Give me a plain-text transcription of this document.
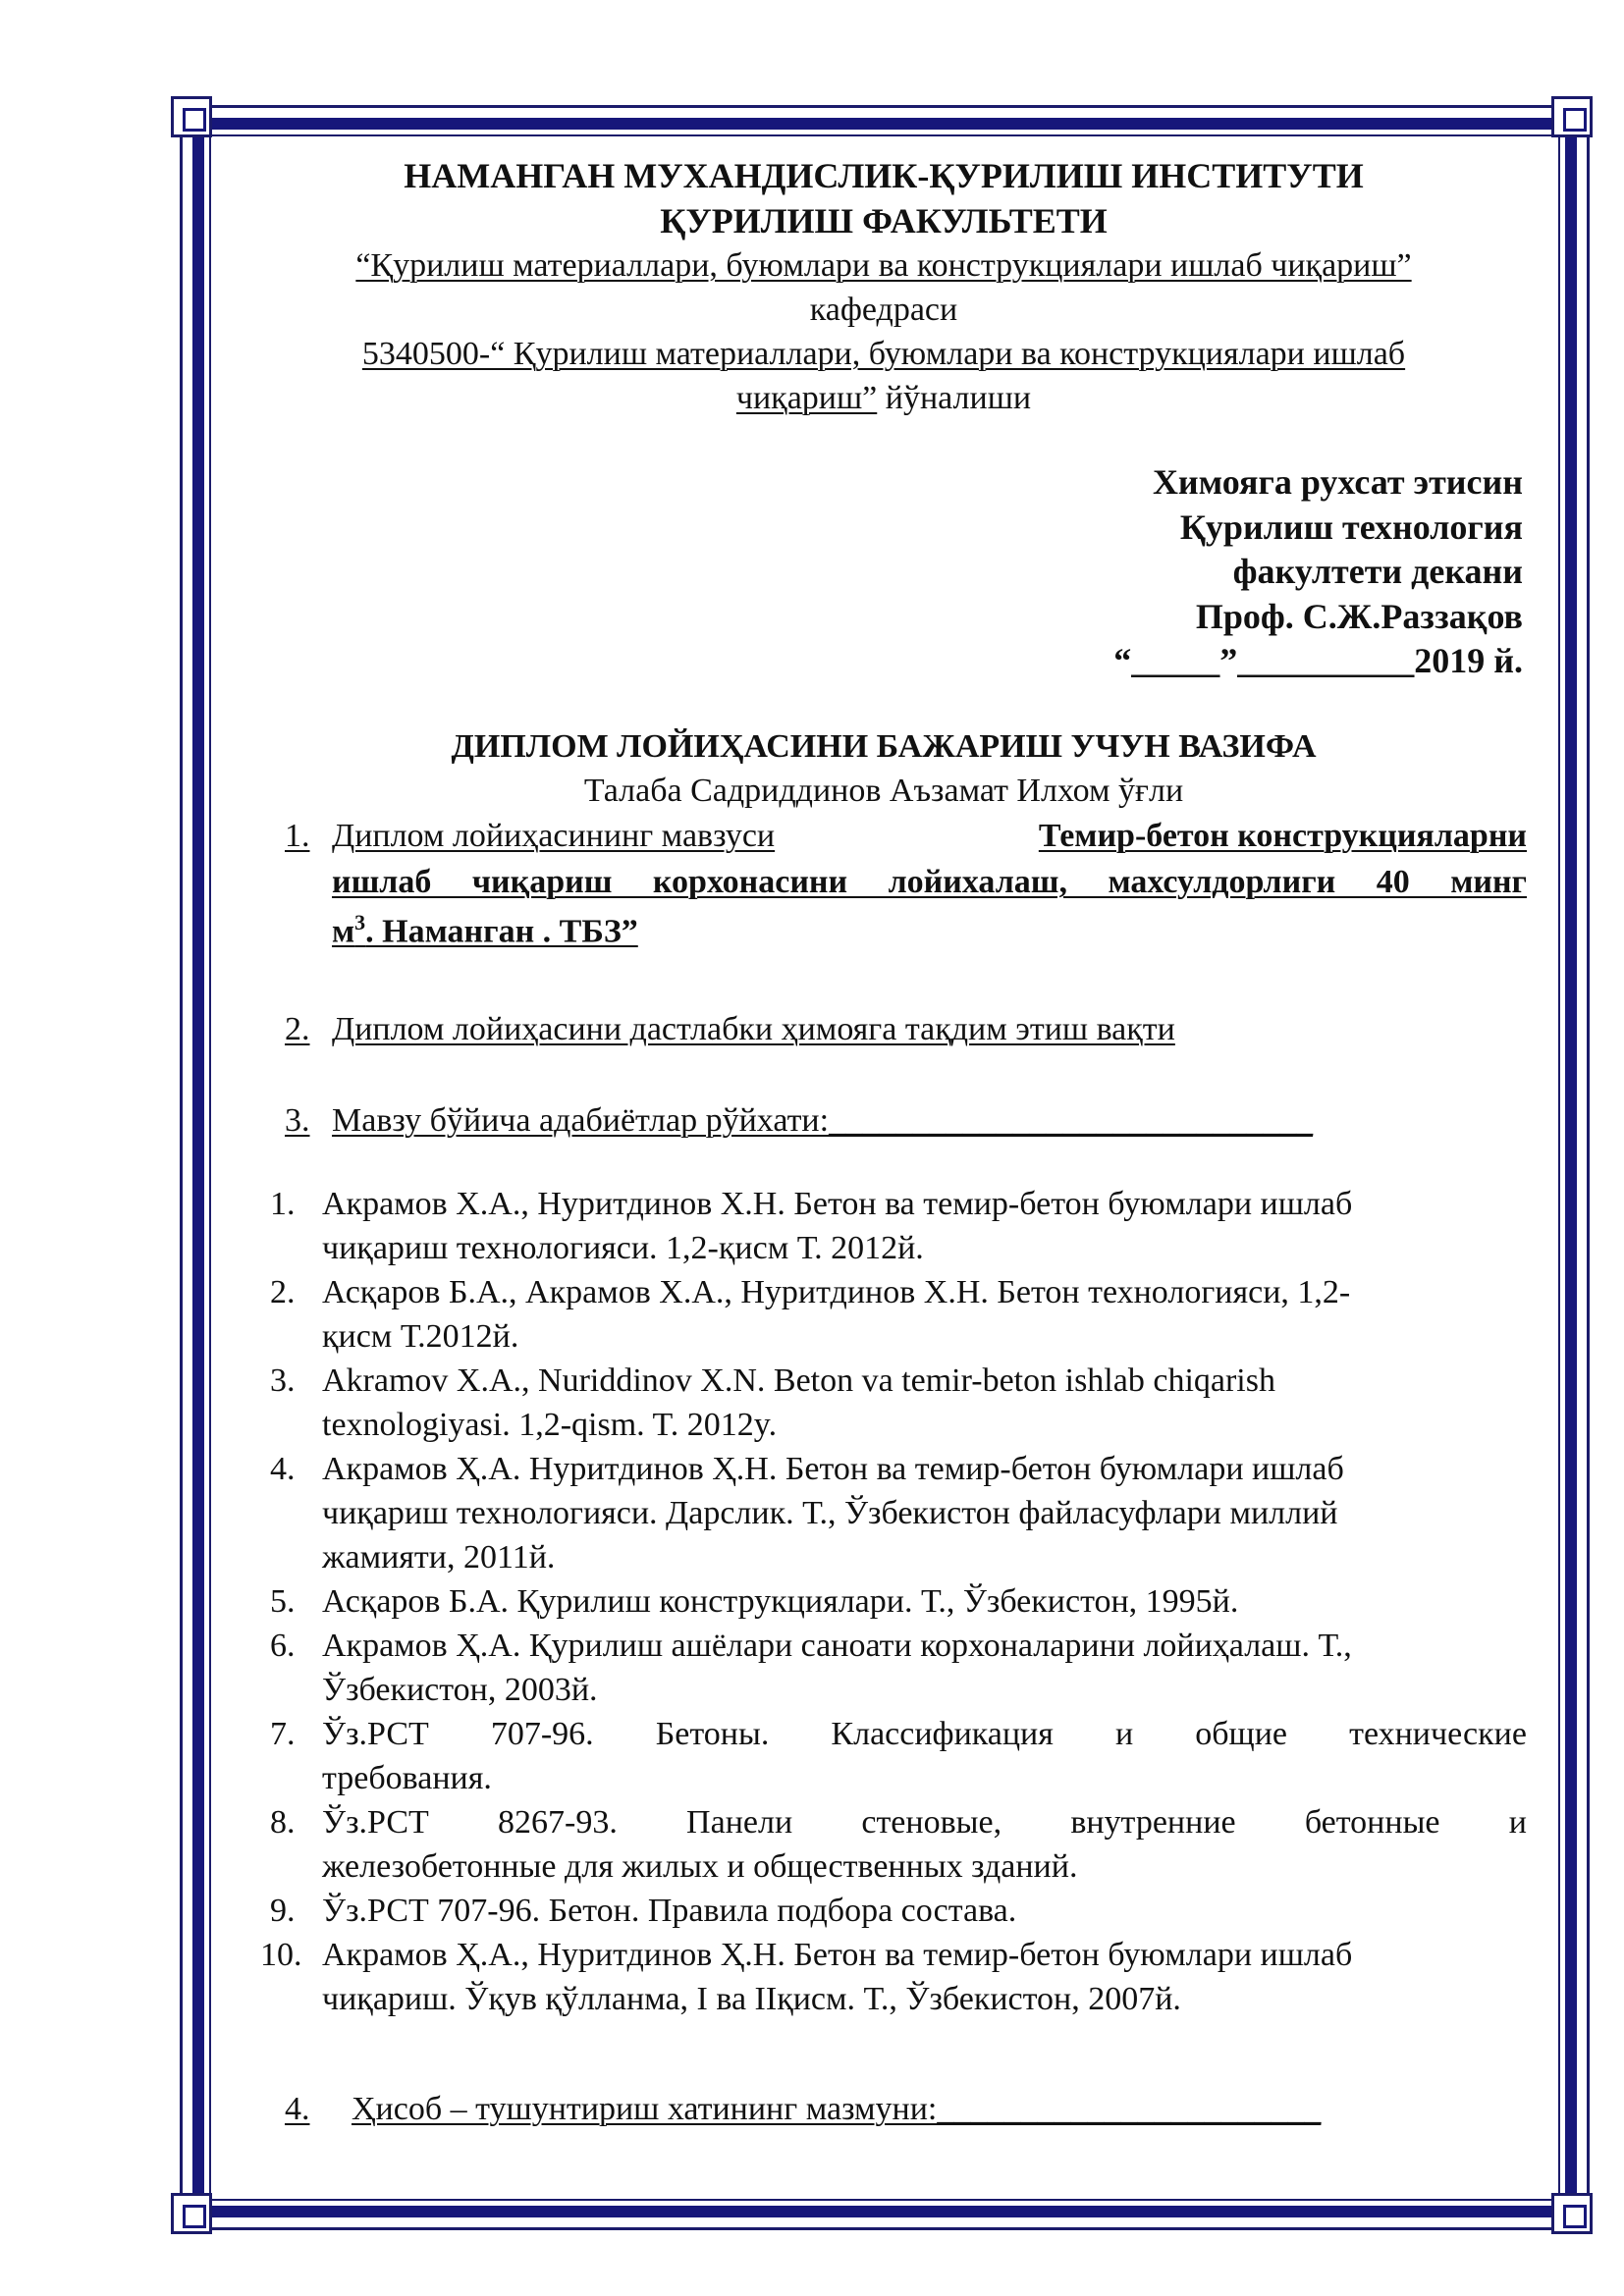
НАМАНГАН МУХАНДИСЛИК-ҚУРИЛИШ ИНСТИТУТИ
ҚУРИЛИШ ФАКУЛЬТЕТИ
“Қурилиш материаллари, буюмлари ва конструкциялари ишлаб чиқариш”
кафедраси
5340500-“ Қурилиш материаллари, буюмлари ва конструкциялари ишлаб
чиқариш” йўналиши
Химояга рухсат этисин
Қурилиш технология
факултети декани
Проф. С.Ж.Раззақов
“_____”__________2019 й.
ДИПЛОМ ЛОЙИҲАСИНИ БАЖАРИШ УЧУН ВАЗИФА
Талаба Садриддинов Аъзамат Илхом ўғли
1. Диплом лойиҳасининг мавзуси	Темир-бетон конструкцияларни
ишлаб чиқариш корхонасини лойихалаш, махсулдорлиги 40 минг
$м^3$. Наманган . ТБЗ”
2. Диплом лойиҳасини дастлабки ҳимояга тақдим этиш вақти
3. Мавзу бўйича адабиётлар рўйхати:_____________________________
1. Акрамов Х.А., Нуритдинов Х.Н. Бетон ва темир-бетон буюмлари ишлаб
чиқариш технологияси. 1,2-қисм Т. 2012й.
2. Асқаров Б.А., Акрамов Х.А., Нуритдинов Х.Н. Бетон технологияси, 1,2-
қисм Т.2012й.
3. Akramov X.A., Nuriddinov X.N. Beton va temir-beton ishlab chiqarish
texnologiyasi. 1,2-qism. T. 2012y.
4. Акрамов Ҳ.А. Нуритдинов Ҳ.Н. Бетон ва темир-бетон буюмлари ишлаб
чиқариш технологияси. Дарслик. Т., Ўзбекистон файласуфлари миллий
жамияти, 2011й.
5. Асқаров Б.А. Қурилиш конструкциялари. Т., Ўзбекистон, 1995й.
6. Акрамов Ҳ.А. Қурилиш ашёлари саноати корхоналарини лойиҳалаш. Т.,
Ўзбекистон, 2003й.
7. Ўз.РСТ 707-96. Бетоны. Классификация и общие технические
требования.
8. Ўз.РСТ 8267-93. Панели стеновые, внутренние бетонные и
железобетонные для жилых и общественных зданий.
9. Ўз.РСТ 707-96. Бетон. Правила подбора состава.
10. Акрамов Ҳ.А., Нуритдинов Ҳ.Н. Бетон ва темир-бетон буюмлари ишлаб
чиқариш. Ўқув қўлланма, I ва IIқисм. Т., Ўзбекистон, 2007й.
4. Ҳисоб – тушунтириш хатининг мазмуни:_______________________
